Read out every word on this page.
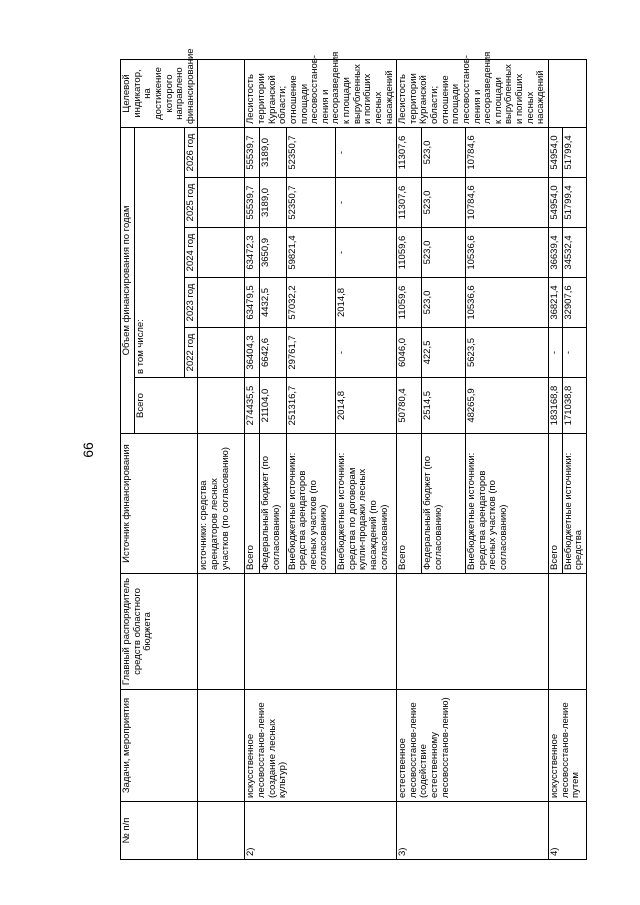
66
№ п/п	Задачи, мероприятия	Главный распорядитель средств областного бюджета	Источник финансирования	Объем финансирования по годам						Целевой индикатор, на достижение которого направлено финансирование
				Всего	в том числе:					
					2022 год	2023 год	2024 год	2025 год	2026 год	
			источники: средства арендаторов лесных участков (по согласованию)							
2)	искусственное лесовосстанов-ление (создание лесных культур)		Всего	274435,5	36404,3	63479,5	63472,3	55539,7	55539,7	Лесистость территории Курганской области; отношение площади лесовосстанов-ления и лесоразведения к площади вырубленных и погибших лесных насаждений
			Федеральный бюджет (по согласованию)	21104,0	6642,6	4432,5	3650,9	3189,0	3189,0	
			Внебюджетные источники: средства арендаторов лесных участков (по согласованию)	251316,7	29761,7	57032,2	59821,4	52350,7	52350,7	
			Внебюджетные источники: средства по договорам купли-продажи лесных насаждений (по согласованию)	2014,8	-	2014,8	-	-	-	
3)	естественное лесовосстанов-ление (содействие естественному лесовосстанов-лению)		Всего	50780,4	6046,0	11059,6	11059,6	11307,6	11307,6	Лесистость территории Курганской области; отношение площади лесовосстанов-ления и лесоразведения к площади вырубленных и погибших лесных насаждений
			Федеральный бюджет (по согласованию)	2514,5	422,5	523,0	523,0	523,0	523,0	
			Внебюджетные источники: средства арендаторов лесных участков (по согласованию)	48265,9	5623,5	10536,6	10536,6	10784,6	10784,6	
4)	искусственное лесовосстанов-ление путем		Всего	183168,8	-	36821,4	36639,4	54954,0	54954,0	
			Внебюджетные источники: средства	171038,8	-	32907,6	34532,4	51799,4	51799,4	
